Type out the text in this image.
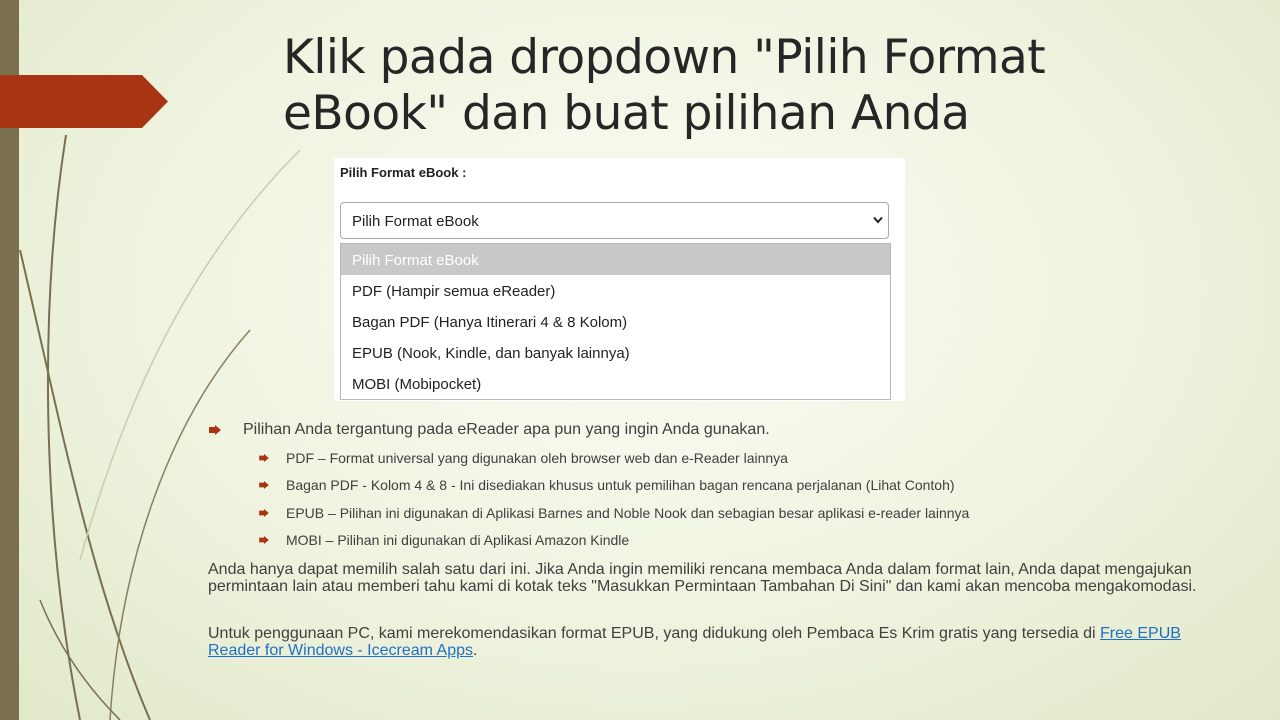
Klik pada dropdown "Pilih Format
eBook" dan buat pilihan Anda
Pilih Format eBook :
Pilih Format eBook
Pilih Format eBook
PDF (Hampir semua eReader)
Bagan PDF (Hanya Itinerari 4 & 8 Kolom)
EPUB (Nook, Kindle, dan banyak lainnya)
MOBI (Mobipocket)
Pilihan Anda tergantung pada eReader apa pun yang ingin Anda gunakan.
PDF – Format universal yang digunakan oleh browser web dan e-Reader lainnya
Bagan PDF - Kolom 4 & 8 - Ini disediakan khusus untuk pemilihan bagan rencana perjalanan (Lihat Contoh)
EPUB – Pilihan ini digunakan di Aplikasi Barnes and Noble Nook dan sebagian besar aplikasi e-reader lainnya
MOBI – Pilihan ini digunakan di Aplikasi Amazon Kindle

Anda hanya dapat memilih salah satu dari ini. Jika Anda ingin memiliki rencana membaca Anda dalam format lain, Anda dapat mengajukan permintaan lain atau memberi tahu kami di kotak teks "Masukkan Permintaan Tambahan Di Sini" dan kami akan mencoba mengakomodasi.

Untuk penggunaan PC, kami merekomendasikan format EPUB, yang didukung oleh Pembaca Es Krim gratis yang tersedia di Free EPUB Reader for Windows - Icecream Apps.
